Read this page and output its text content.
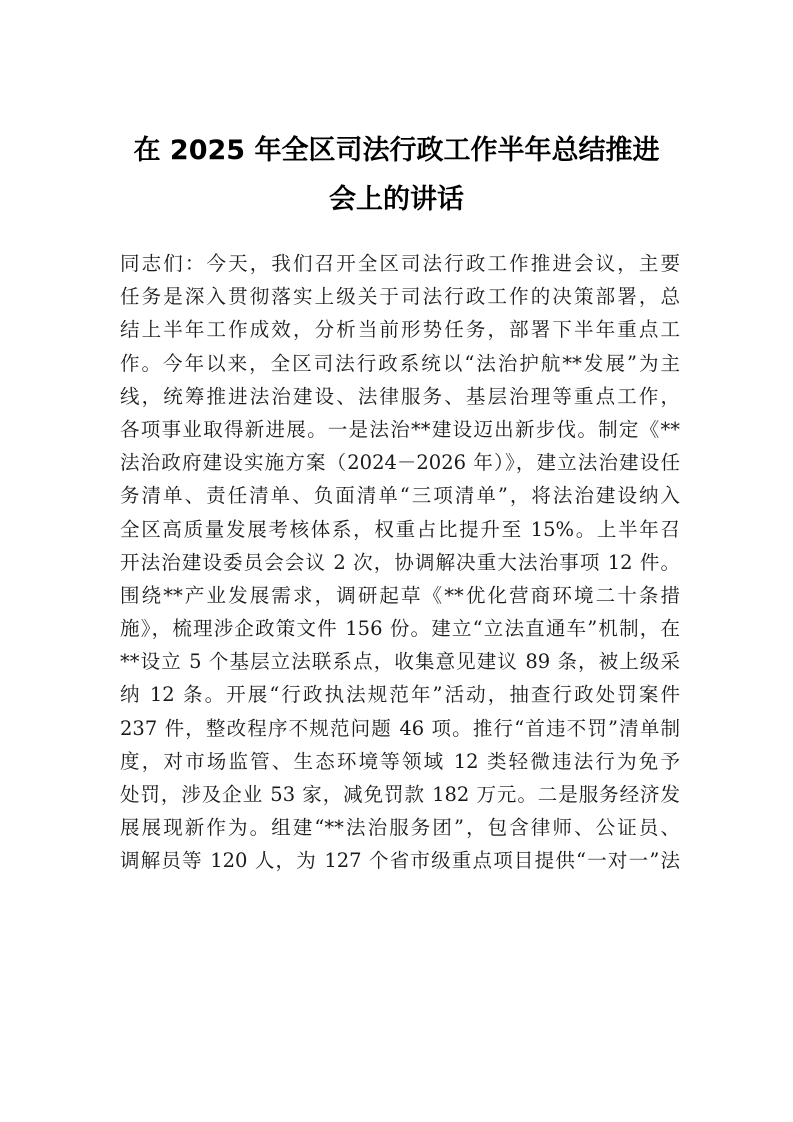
在 2025 年全区司法行政工作半年总结推进
会上的讲话
同志们：今天，我们召开全区司法行政工作推进会议，主要
任务是深入贯彻落实上级关于司法行政工作的决策部署，总
结上半年工作成效，分析当前形势任务，部署下半年重点工
作。今年以来，全区司法行政系统以“法治护航**发展”为主
线，统筹推进法治建设、法律服务、基层治理等重点工作，
各项事业取得新进展。一是法治**建设迈出新步伐。制定《**
法治政府建设实施方案（2024－2026 年）》，建立法治建设任
务清单、责任清单、负面清单“三项清单”，将法治建设纳入
全区高质量发展考核体系，权重占比提升至 15%。上半年召
开法治建设委员会会议 2 次，协调解决重大法治事项 12 件。
围绕**产业发展需求，调研起草《**优化营商环境二十条措
施》，梳理涉企政策文件 156 份。建立“立法直通车”机制，在
**设立 5 个基层立法联系点，收集意见建议 89 条，被上级采
纳 12 条。开展“行政执法规范年”活动，抽查行政处罚案件
237 件，整改程序不规范问题 46 项。推行“首违不罚”清单制
度，对市场监管、生态环境等领域 12 类轻微违法行为免予
处罚，涉及企业 53 家，减免罚款 182 万元。二是服务经济发
展展现新作为。组建“**法治服务团”，包含律师、公证员、
调解员等 120 人，为 127 个省市级重点项目提供“一对一”法
